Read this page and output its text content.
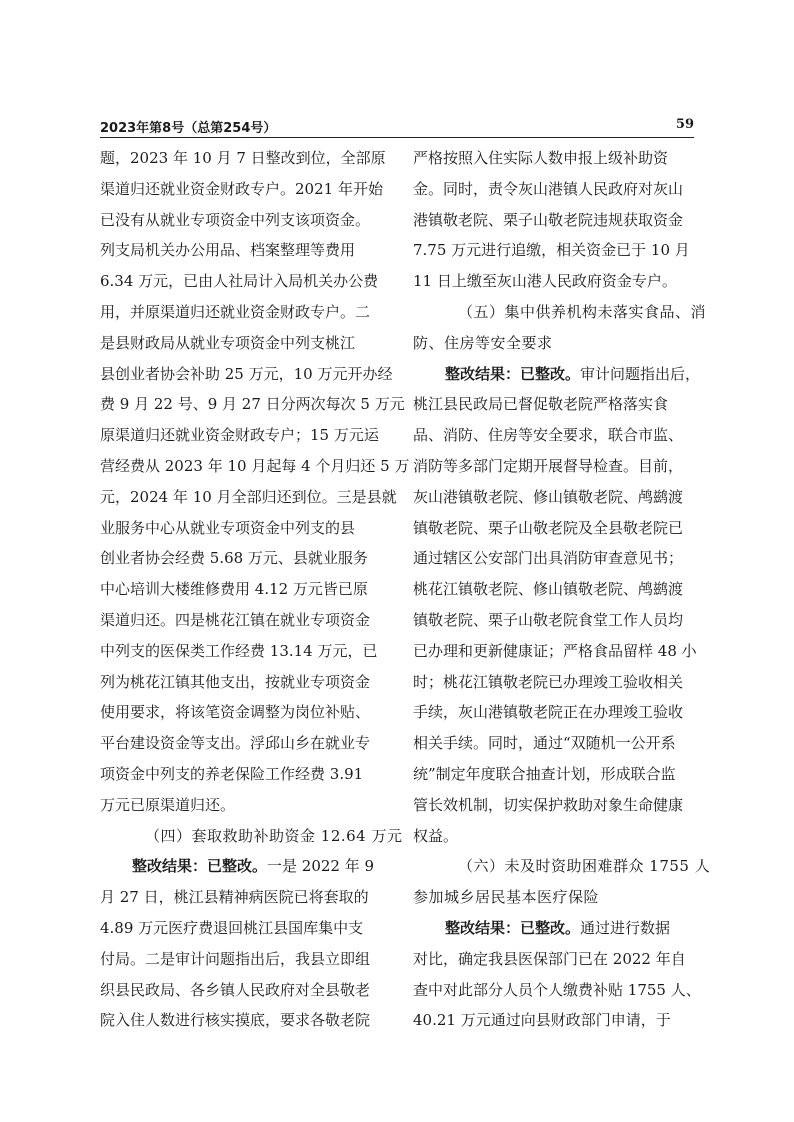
2023年第8号（总第254号）	59
题，2023 年 10 月 7 日整改到位，全部原
渠道归还就业资金财政专户。2021 年开始
已没有从就业专项资金中列支该项资金。
列支局机关办公用品、档案整理等费用
6.34 万元，已由人社局计入局机关办公费
用，并原渠道归还就业资金财政专户。二
是县财政局从就业专项资金中列支桃江
县创业者协会补助 25 万元，10 万元开办经
费 9 月 22 号、9 月 27 日分两次每次 5 万元
原渠道归还就业资金财政专户；15 万元运
营经费从 2023 年 10 月起每 4 个月归还 5 万
元，2024 年 10 月全部归还到位。三是县就
业服务中心从就业专项资金中列支的县
创业者协会经费 5.68 万元、县就业服务
中心培训大楼维修费用 4.12 万元皆已原
渠道归还。四是桃花江镇在就业专项资金
中列支的医保类工作经费 13.14 万元，已
列为桃花江镇其他支出，按就业专项资金
使用要求，将该笔资金调整为岗位补贴、
平台建设资金等支出。浮邱山乡在就业专
项资金中列支的养老保险工作经费 3.91
万元已原渠道归还。
（四）套取救助补助资金 12.64 万元
整改结果：已整改。一是 2022 年 9
月 27 日，桃江县精神病医院已将套取的
4.89 万元医疗费退回桃江县国库集中支
付局。二是审计问题指出后，我县立即组
织县民政局、各乡镇人民政府对全县敬老
院入住人数进行核实摸底，要求各敬老院
严格按照入住实际人数申报上级补助资
金。同时，责令灰山港镇人民政府对灰山
港镇敬老院、栗子山敬老院违规获取资金
7.75 万元进行追缴，相关资金已于 10 月
11 日上缴至灰山港人民政府资金专户。
（五）集中供养机构未落实食品、消
防、住房等安全要求
整改结果：已整改。审计问题指出后，
桃江县民政局已督促敬老院严格落实食
品、消防、住房等安全要求，联合市监、
消防等多部门定期开展督导检查。目前，
灰山港镇敬老院、修山镇敬老院、鸬鹚渡
镇敬老院、栗子山敬老院及全县敬老院已
通过辖区公安部门出具消防审查意见书；
桃花江镇敬老院、修山镇敬老院、鸬鹚渡
镇敬老院、栗子山敬老院食堂工作人员均
已办理和更新健康证；严格食品留样 48 小
时；桃花江镇敬老院已办理竣工验收相关
手续，灰山港镇敬老院正在办理竣工验收
相关手续。同时，通过“双随机一公开系
统”制定年度联合抽查计划，形成联合监
管长效机制，切实保护救助对象生命健康
权益。
（六）未及时资助困难群众 1755 人
参加城乡居民基本医疗保险
整改结果：已整改。通过进行数据
对比，确定我县医保部门已在 2022 年自
查中对此部分人员个人缴费补贴 1755 人、
40.21 万元通过向县财政部门申请，于
